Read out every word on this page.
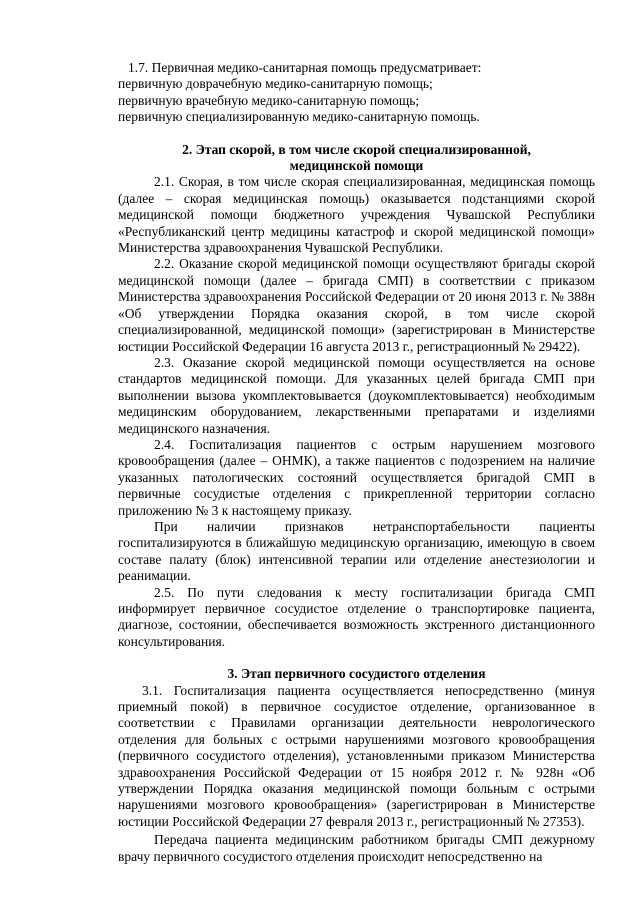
1.7. Первичная медико-санитарная помощь предусматривает:

первичную доврачебную медико-санитарную помощь;

первичную врачебную медико-санитарную помощь;

первичную специализированную медико-санитарную помощь.

2. Этап скорой, в том числе скорой специализированной,

медицинской помощи

2.1. Скорая, в том числе скорая специализированная, медицинская помощь (далее – скорая медицинская помощь) оказывается подстанциями скорой медицинской помощи бюджетного учреждения Чувашской Республики «Республиканский центр медицины катастроф и скорой медицинской помощи» Министерства здравоохранения Чувашской Республики.

2.2. Оказание скорой медицинской помощи осуществляют бригады скорой медицинской помощи (далее – бригада СМП) в соответствии с приказом Министерства здравоохранения Российской Федерации от 20 июня 2013 г. № 388н «Об утверждении Порядка оказания скорой, в том числе скорой специализированной, медицинской помощи» (зарегистрирован в Министерстве юстиции Российской Федерации 16 августа 2013 г., регистрационный № 29422).

2.3. Оказание скорой медицинской помощи осуществляется на основе стандартов медицинской помощи. Для указанных целей бригада СМП при выполнении вызова укомплектовывается (доукомплектовывается) необходимым медицинским оборудованием, лекарственными препаратами и изделиями медицинского назначения.

2.4. Госпитализация пациентов с острым нарушением мозгового кровообращения (далее – ОНМК), а также пациентов с подозрением на наличие указанных патологических состояний осуществляется бригадой СМП в первичные сосудистые отделения с прикрепленной территории согласно приложению № 3 к настоящему приказу.

При наличии признаков нетранспортабельности пациенты госпитализируются в ближайшую медицинскую организацию, имеющую в своем составе палату (блок) интенсивной терапии или отделение анестезиологии и реанимации.

2.5. По пути следования к месту госпитализации бригада СМП информирует первичное сосудистое отделение о транспортировке пациента, диагнозе, состоянии, обеспечивается возможность экстренного дистанционного консультирования.

3. Этап первичного сосудистого отделения

3.1. Госпитализация пациента осуществляется непосредственно (минуя приемный покой) в первичное сосудистое отделение, организованное в соответствии с Правилами организации деятельности неврологического отделения для больных с острыми нарушениями мозгового кровообращения (первичного сосудистого отделения), установленными приказом Министерства здравоохранения Российской Федерации от 15 ноября 2012 г. № 928н «Об утверждении Порядка оказания медицинской помощи больным с острыми нарушениями мозгового кровообращения» (зарегистрирован в Министерстве юстиции Российской Федерации 27 февраля 2013 г., регистрационный № 27353).

Передача пациента медицинским работником бригады СМП дежурному врачу первичного сосудистого отделения происходит непосредственно на
